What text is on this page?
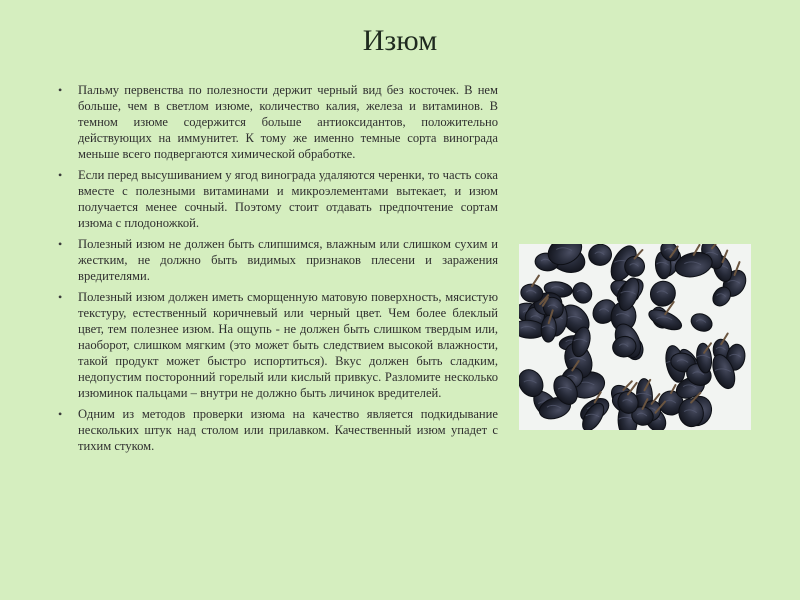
Изюм
• Пальму первенства по полезности держит черный вид без косточек. В нем больше, чем в светлом изюме, количество калия, железа и витаминов. В темном изюме содержится больше антиоксидантов, положительно действующих на иммунитет. К тому же именно темные сорта винограда меньше всего подвергаются химической обработке.
• Если перед высушиванием у ягод винограда удаляются черенки, то часть сока вместе с полезными витаминами и микроэлементами вытекает, и изюм получается менее сочный. Поэтому стоит отдавать предпочтение сортам изюма с плодоножкой.
• Полезный изюм не должен быть слипшимся, влажным или слишком сухим и жестким, не должно быть видимых признаков плесени и заражения вредителями.
• Полезный изюм должен иметь сморщенную матовую поверхность, мясистую текстуру, естественный коричневый или черный цвет. Чем более блеклый цвет, тем полезнее изюм. На ощупь - не должен быть слишком твердым или, наоборот, слишком мягким (это может быть следствием высокой влажности, такой продукт может быстро испортиться). Вкус должен быть сладким, недопустим посторонний горелый или кислый привкус. Разломите несколько изюминок пальцами – внутри не должно быть личинок вредителей.
• Одним из методов проверки изюма на качество является подкидывание нескольких штук над столом или прилавком. Качественный изюм упадет с тихим стуком.
